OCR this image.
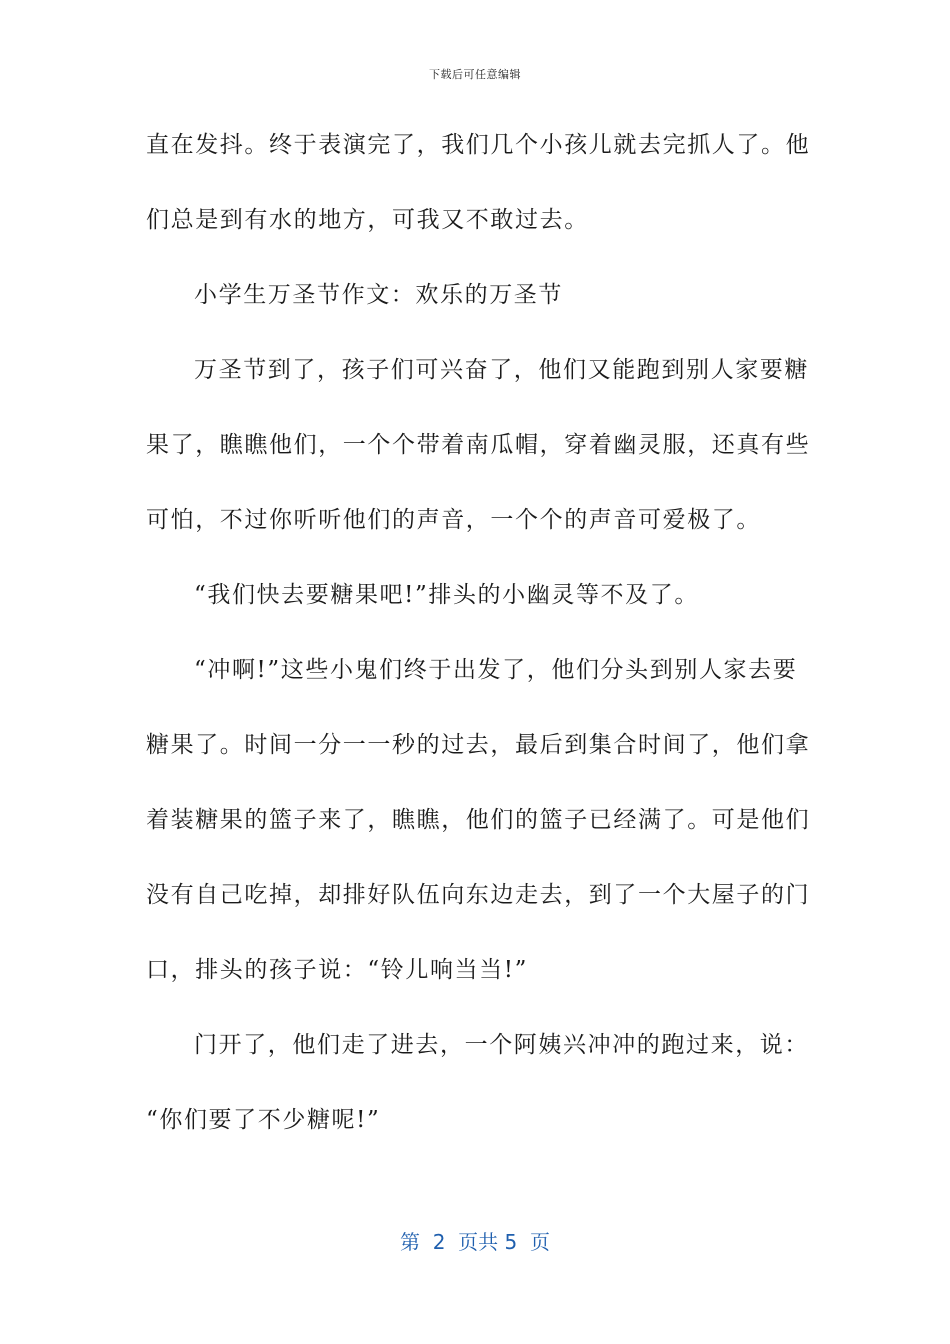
下载后可任意编辑
直在发抖。终于表演完了，我们几个小孩儿就去完抓人了。他
们总是到有水的地方，可我又不敢过去。
小学生万圣节作文：欢乐的万圣节
万圣节到了，孩子们可兴奋了，他们又能跑到别人家要糖
果了，瞧瞧他们，一个个带着南瓜帽，穿着幽灵服，还真有些
可怕，不过你听听他们的声音，一个个的声音可爱极了。
“我们快去要糖果吧!”排头的小幽灵等不及了。
“冲啊!”这些小鬼们终于出发了，他们分头到别人家去要
糖果了。时间一分一一秒的过去，最后到集合时间了，他们拿
着装糖果的篮子来了，瞧瞧，他们的篮子已经满了。可是他们
没有自己吃掉，却排好队伍向东边走去，到了一个大屋子的门
口，排头的孩子说：“铃儿响当当!”
门开了，他们走了进去，一个阿姨兴冲冲的跑过来，说：
“你们要了不少糖呢!”
第  2  页共 5  页
